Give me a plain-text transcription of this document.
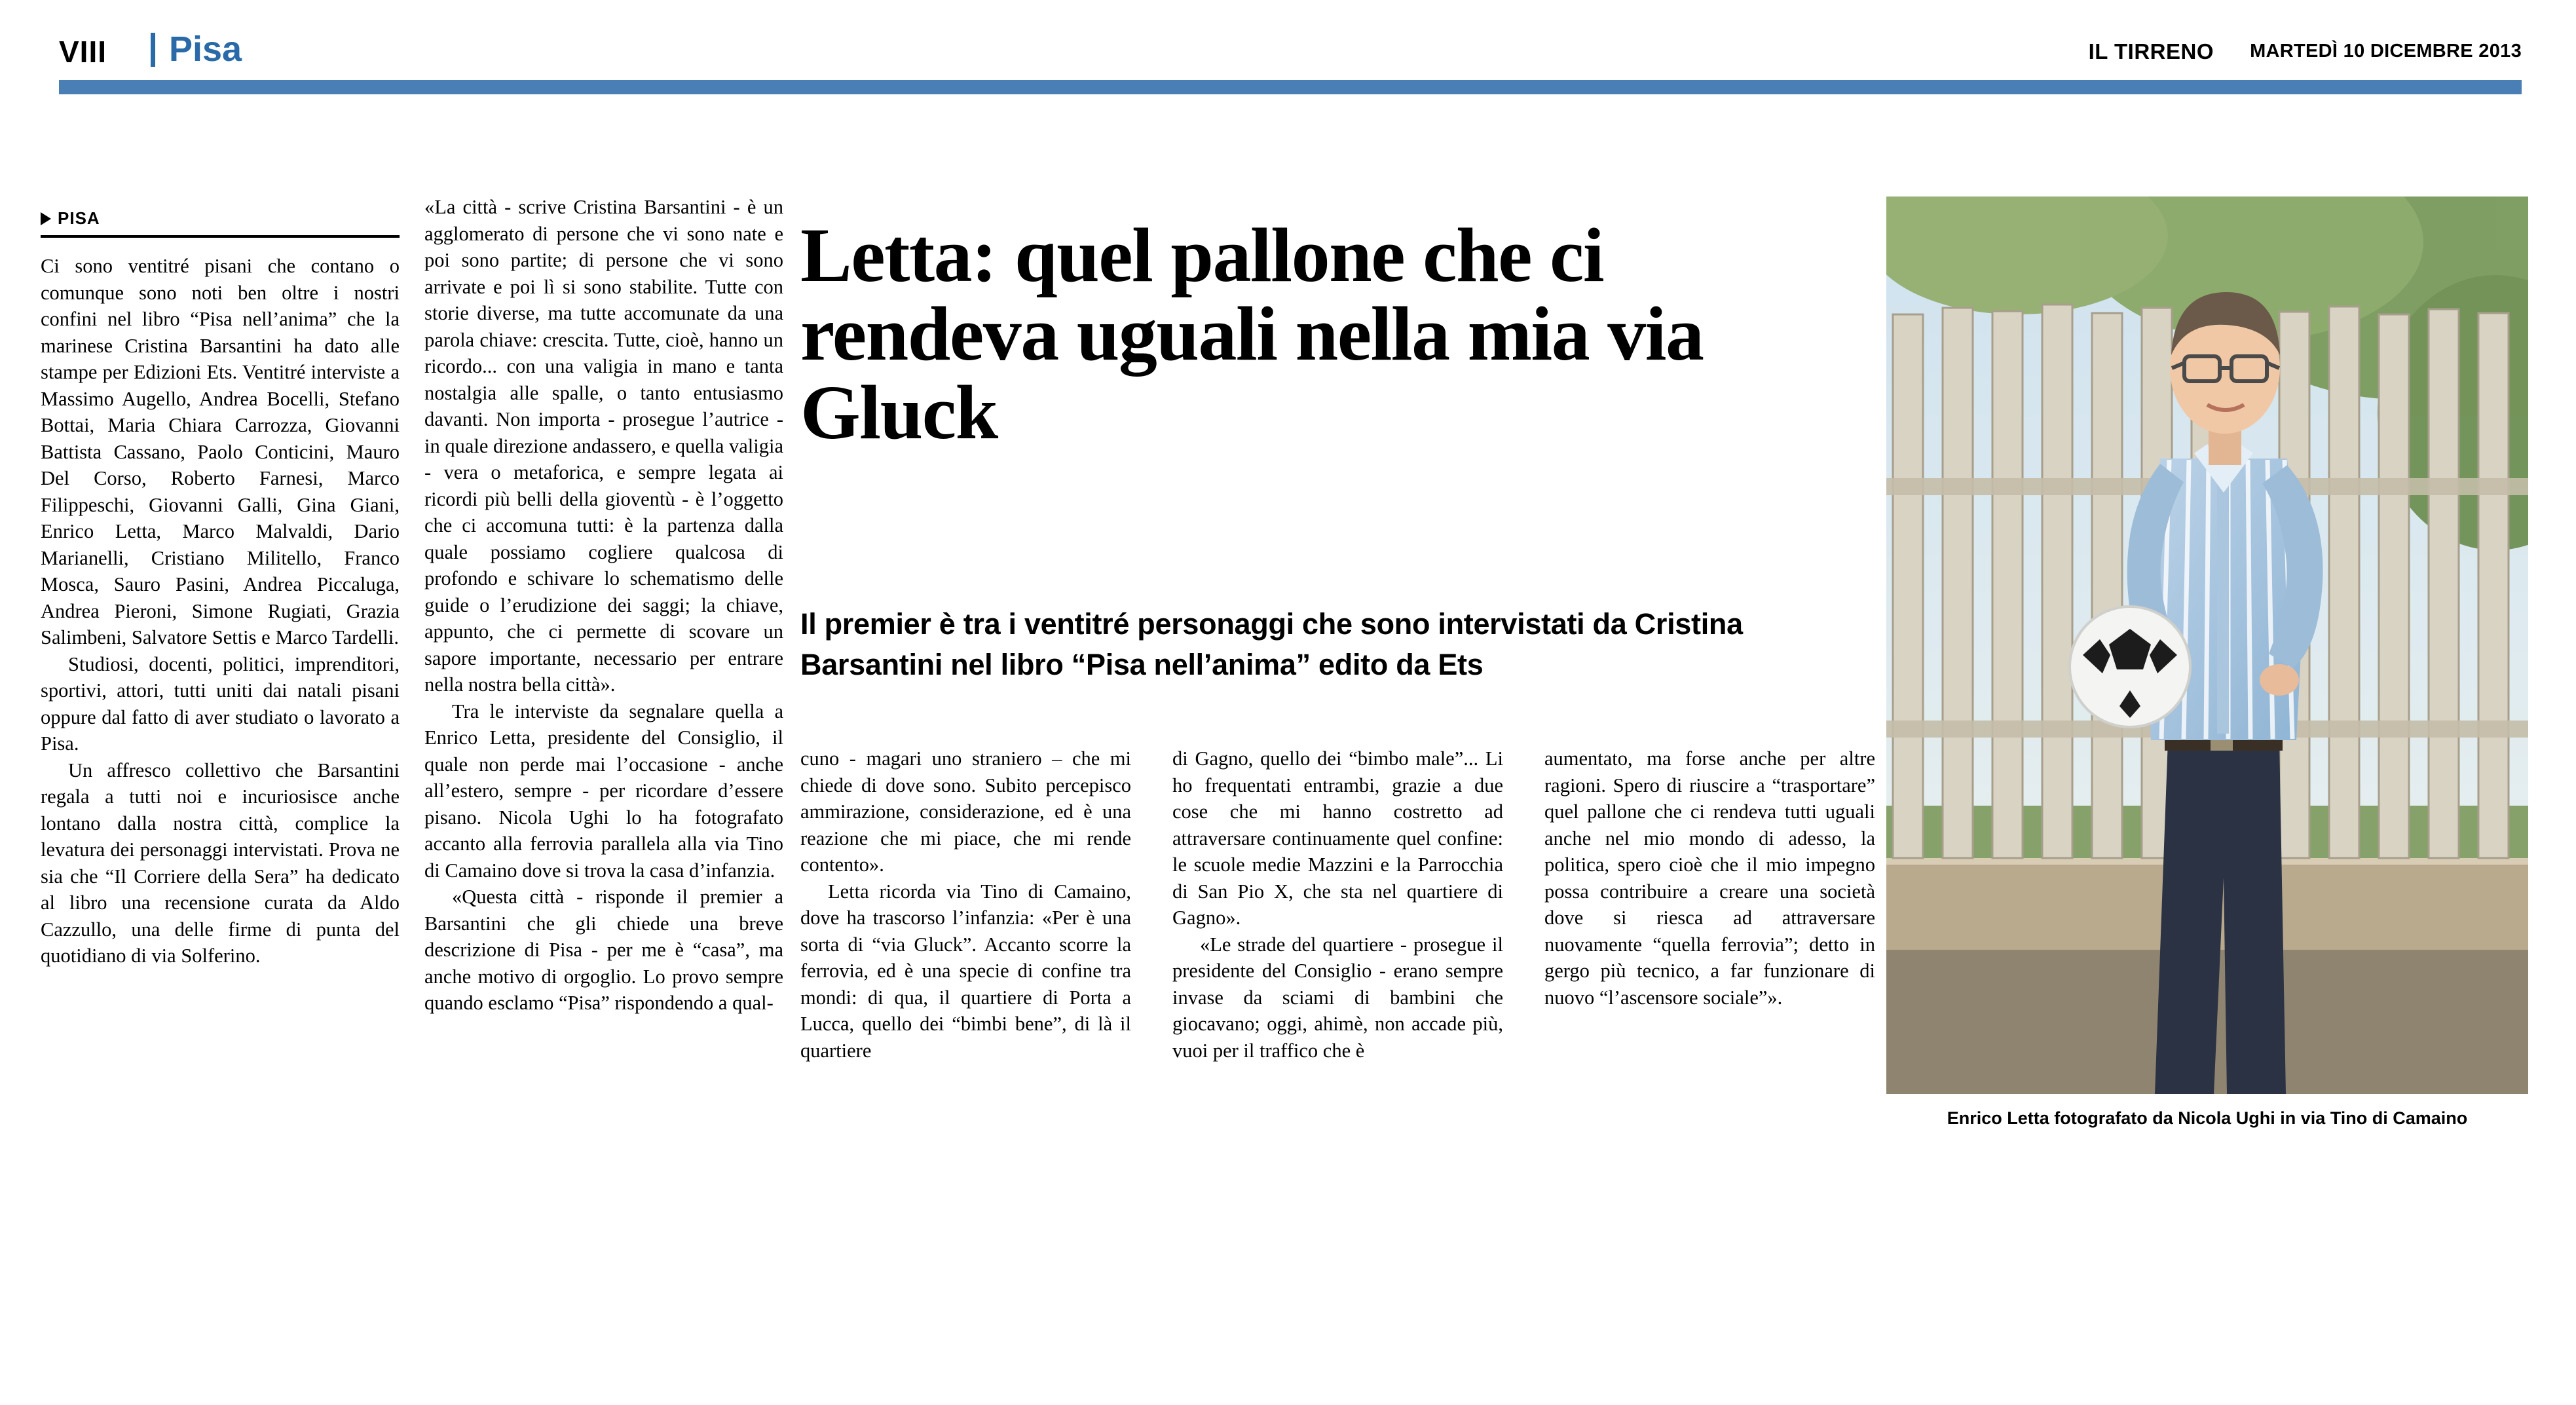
VIII Pisa	IL TIRRENO MARTEDÌ 10 DICEMBRE 2013
PISA

Ci sono ventitré pisani che contano o comunque sono noti ben oltre i nostri confini nel libro “Pisa nell’anima” che la marinese Cristina Barsantini ha dato alle stampe per Edizioni Ets. Ventitré interviste a Massimo Augello, Andrea Bocelli, Stefano Bottai, Maria Chiara Carrozza, Giovanni Battista Cassano, Paolo Conticini, Mauro Del Corso, Roberto Farnesi, Marco Filippeschi, Giovanni Galli, Gina Giani, Enrico Letta, Marco Malvaldi, Dario Marianelli, Cristiano Militello, Franco Mosca, Sauro Pasini, Andrea Piccaluga, Andrea Pieroni, Simone Rugiati, Grazia Salimbeni, Salvatore Settis e Marco Tardelli.

Studiosi, docenti, politici, imprenditori, sportivi, attori, tutti uniti dai natali pisani oppure dal fatto di aver studiato o lavorato a Pisa.

Un affresco collettivo che Barsantini regala a tutti noi e incuriosisce anche lontano dalla nostra città, complice la levatura dei personaggi intervistati. Prova ne sia che “Il Corriere della Sera” ha dedicato al libro una recensione curata da Aldo Cazzullo, una delle firme di punta del quotidiano di via Solferino.

«La città - scrive Cristina Barsantini - è un agglomerato di persone che vi sono nate e poi sono partite; di persone che vi sono arrivate e poi lì si sono stabilite. Tutte con storie diverse, ma tutte accomunate da una parola chiave: crescita. Tutte, cioè, hanno un ricordo... con una valigia in mano e tanta nostalgia alle spalle, o tanto entusiasmo davanti. Non importa - prosegue l’autrice - in quale direzione andassero, e quella valigia - vera o metaforica, e sempre legata ai ricordi più belli della gioventù - è l’oggetto che ci accomuna tutti: è la partenza dalla quale possiamo cogliere qualcosa di profondo e schivare lo schematismo delle guide o l’erudizione dei saggi; la chiave, appunto, che ci permette di scovare un sapore importante, necessario per entrare nella nostra bella città».

Tra le interviste da segnalare quella a Enrico Letta, presidente del Consiglio, il quale non perde mai l’occasione - anche all’estero, sempre - per ricordare d’essere pisano. Nicola Ughi lo ha fotografato accanto alla ferrovia parallela alla via Tino di Camaino dove si trova la casa d’infanzia.

«Questa città - risponde il premier a Barsantini che gli chiede una breve descrizione di Pisa - per me è “casa”, ma anche motivo di orgoglio. Lo provo sempre quando esclamo “Pisa” rispondendo a qual-

Letta: quel pallone che ci rendeva uguali nella mia via Gluck
Il premier è tra i ventitré personaggi che sono intervistati da Cristina Barsantini nel libro “Pisa nell’anima” edito da Ets

cuno - magari uno straniero – che mi chiede di dove sono. Subito percepisco ammirazione, considerazione, ed è una reazione che mi piace, che mi rende contento».

Letta ricorda via Tino di Camaino, dove ha trascorso l’infanzia: «Per è una sorta di “via Gluck”. Accanto scorre la ferrovia, ed è una specie di confine tra mondi: di qua, il quartiere di Porta a Lucca, quello dei “bimbi bene”, di là il quartiere

di Gagno, quello dei “bimbo male”... Li ho frequentati entrambi, grazie a due cose che mi hanno costretto ad attraversare continuamente quel confine: le scuole medie Mazzini e la Parrocchia di San Pio X, che sta nel quartiere di Gagno».

«Le strade del quartiere - prosegue il presidente del Consiglio - erano sempre invase da sciami di bambini che giocavano; oggi, ahimè, non accade più, vuoi per il traffico che è

aumentato, ma forse anche per altre ragioni. Spero di riuscire a “trasportare” quel pallone che ci rendeva tutti uguali anche nel mio mondo di adesso, la politica, spero cioè che il mio impegno possa contribuire a creare una società dove si riesca ad attraversare nuovamente “quella ferrovia”; detto in gergo più tecnico, a far funzionare di nuovo “l’ascensore sociale”».

Enrico Letta fotografato da Nicola Ughi in via Tino di Camaino
